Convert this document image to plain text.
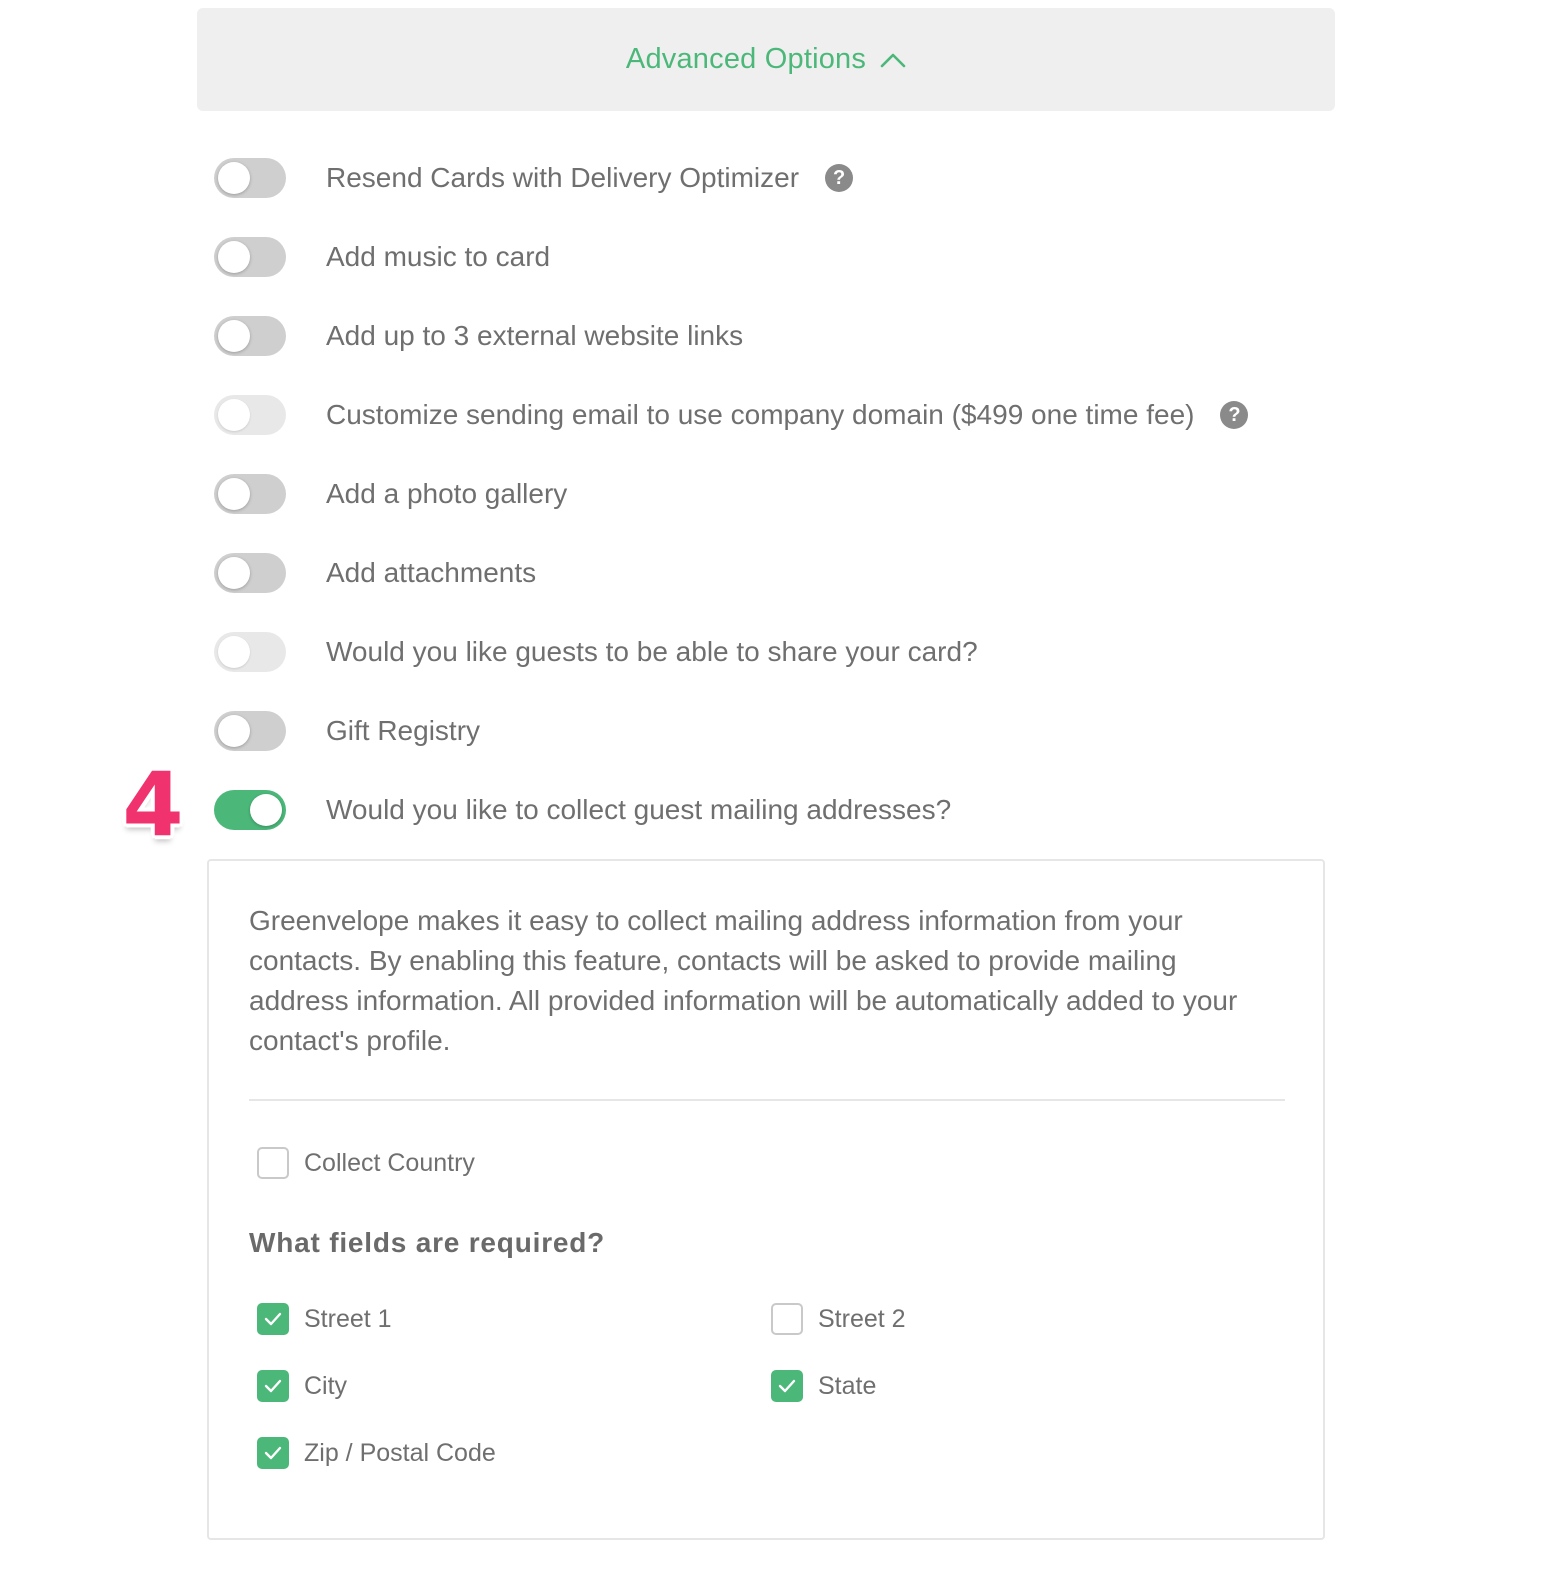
Advanced Options
Resend Cards with Delivery Optimizer	?
Add music to card
Add up to 3 external website links
Customize sending email to use company domain ($499 one time fee)	?
Add a photo gallery
Add attachments
Would you like guests to be able to share your card?
Gift Registry
4	Would you like to collect guest mailing addresses?

Greenvelope makes it easy to collect mailing address information from your contacts. By enabling this feature, contacts will be asked to provide mailing address information. All provided information will be automatically added to your contact's profile.

Collect Country
What fields are required?
Street 1	Street 2
City	State
Zip / Postal Code
